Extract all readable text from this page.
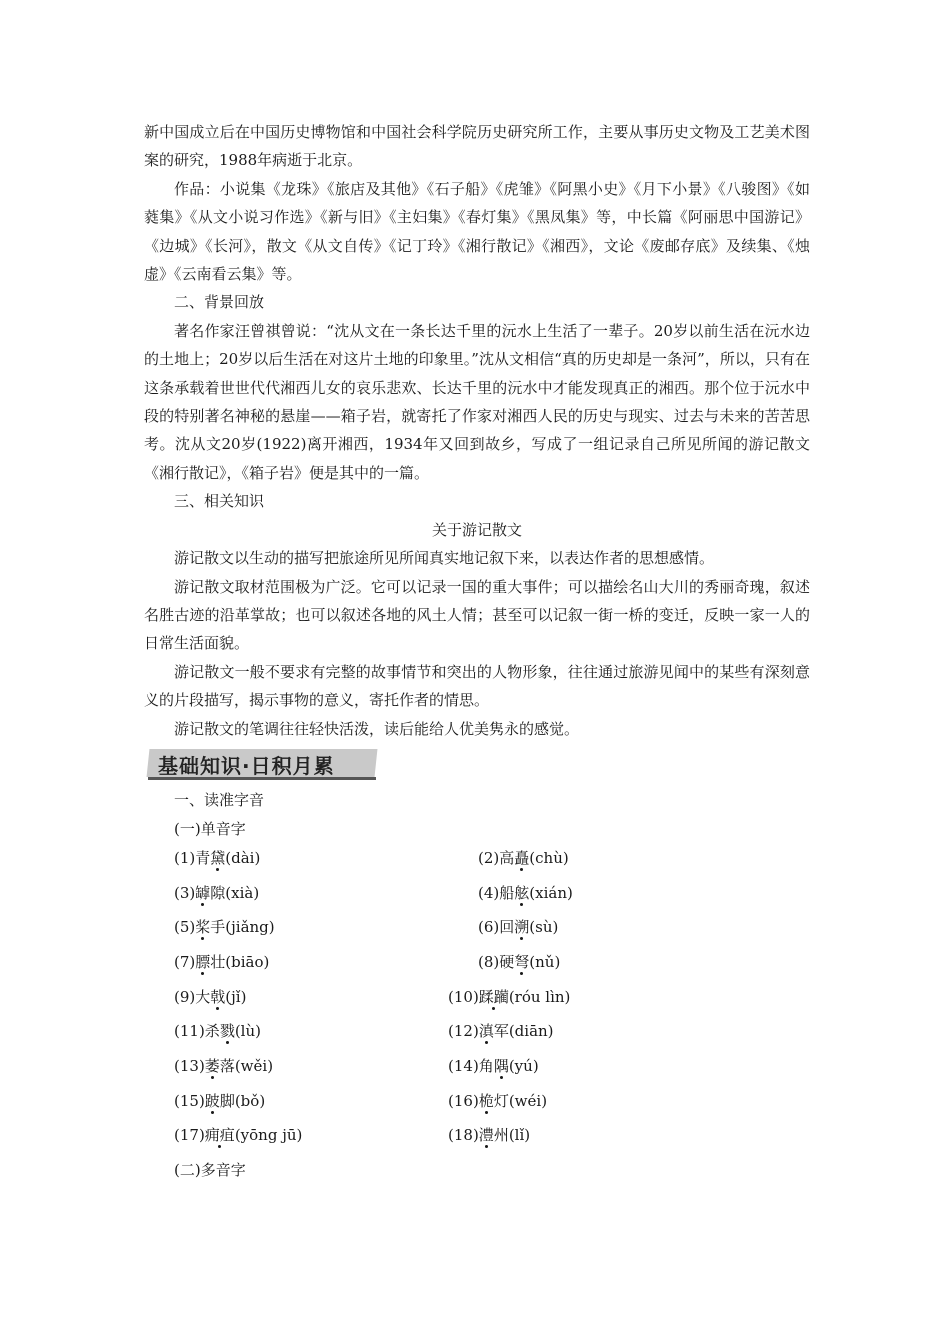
新中国成立后在中国历史博物馆和中国社会科学院历史研究所工作，主要从事历史文物及工艺美术图案的研究，1988年病逝于北京。

作品：小说集《龙珠》《旅店及其他》《石子船》《虎雏》《阿黑小史》《月下小景》《八骏图》《如蕤集》《从文小说习作选》《新与旧》《主妇集》《春灯集》《黑凤集》等，中长篇《阿丽思中国游记》《边城》《长河》，散文《从文自传》《记丁玲》《湘行散记》《湘西》，文论《废邮存底》及续集、《烛虚》《云南看云集》等。

二、背景回放

著名作家汪曾祺曾说：“沈从文在一条长达千里的沅水上生活了一辈子。20岁以前生活在沅水边的土地上；20岁以后生活在对这片土地的印象里。”沈从文相信“真的历史却是一条河”，所以，只有在这条承载着世世代代湘西儿女的哀乐悲欢、长达千里的沅水中才能发现真正的湘西。那个位于沅水中段的特别著名神秘的悬崖——箱子岩，就寄托了作家对湘西人民的历史与现实、过去与未来的苦苦思考。沈从文20岁(1922)离开湘西，1934年又回到故乡，写成了一组记录自己所见所闻的游记散文《湘行散记》，《箱子岩》便是其中的一篇。

三、相关知识

关于游记散文

游记散文以生动的描写把旅途所见所闻真实地记叙下来，以表达作者的思想感情。

游记散文取材范围极为广泛。它可以记录一国的重大事件；可以描绘名山大川的秀丽奇瑰，叙述名胜古迹的沿革掌故；也可以叙述各地的风土人情；甚至可以记叙一街一桥的变迁，反映一家一人的日常生活面貌。

游记散文一般不要求有完整的故事情节和突出的人物形象，往往通过旅游见闻中的某些有深刻意义的片段描写，揭示事物的意义，寄托作者的情思。

游记散文的笔调往往轻快活泼，读后能给人优美隽永的感觉。

基础知识·日积月累

一、读准字音

(一)单音字

(1)青黛(dài)	(2)高矗(chù)
(3)罅隙(xià)	(4)船舷(xián)
(5)桨手(jiǎng)	(6)回溯(sù)
(7)膘壮(biāo)	(8)硬弩(nǔ)
(9)大戟(jǐ)	(10)蹂躏(róu lìn)
(11)杀戮(lù)	(12)滇军(diān)
(13)萎落(wěi)	(14)角隅(yú)
(15)跛脚(bǒ)	(16)桅灯(wéi)
(17)痈疽(yōng jū)	(18)澧州(lǐ)

(二)多音字
